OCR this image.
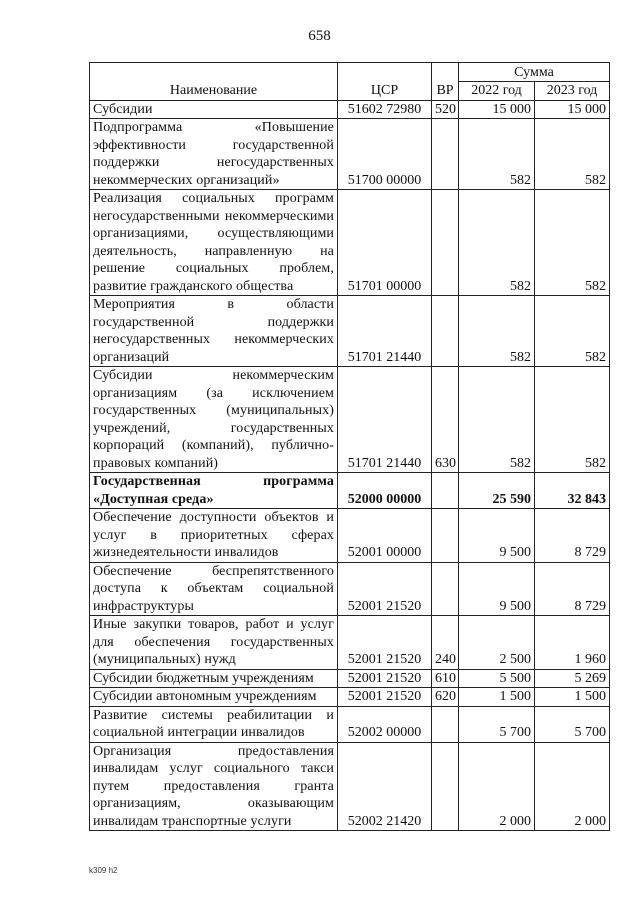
658
Наименование	ЦСР	ВР	Сумма	
			2022 год	2023 год
Субсидии	51602 72980	520	15 000	15 000
Подпрограмма «Повышение эффективности государственной поддержки негосударственных некоммерческих организаций»	51700 00000		582	582
Реализация социальных программ негосударственными некоммерческими организациями, осуществляющими деятельность, направленную на решение социальных проблем, развитие гражданского общества	51701 00000		582	582
Мероприятия в области государственной поддержки негосударственных некоммерческих организаций	51701 21440		582	582
Субсидии некоммерческим организациям (за исключением государственных (муниципальных) учреждений, государственных корпораций (компаний), публично-правовых компаний)	51701 21440	630	582	582
Государственная программа «Доступная среда»	52000 00000		25 590	32 843
Обеспечение доступности объектов и услуг в приоритетных сферах жизнедеятельности инвалидов	52001 00000		9 500	8 729
Обеспечение беспрепятственного доступа к объектам социальной инфраструктуры	52001 21520		9 500	8 729
Иные закупки товаров, работ и услуг для обеспечения государственных (муниципальных) нужд	52001 21520	240	2 500	1 960
Субсидии бюджетным учреждениям	52001 21520	610	5 500	5 269
Субсидии автономным учреждениям	52001 21520	620	1 500	1 500
Развитие системы реабилитации и социальной интеграции инвалидов	52002 00000		5 700	5 700
Организация предоставления инвалидам услуг социального такси путем предоставления гранта организациям, оказывающим инвалидам транспортные услуги	52002 21420		2 000	2 000
k309 h2
